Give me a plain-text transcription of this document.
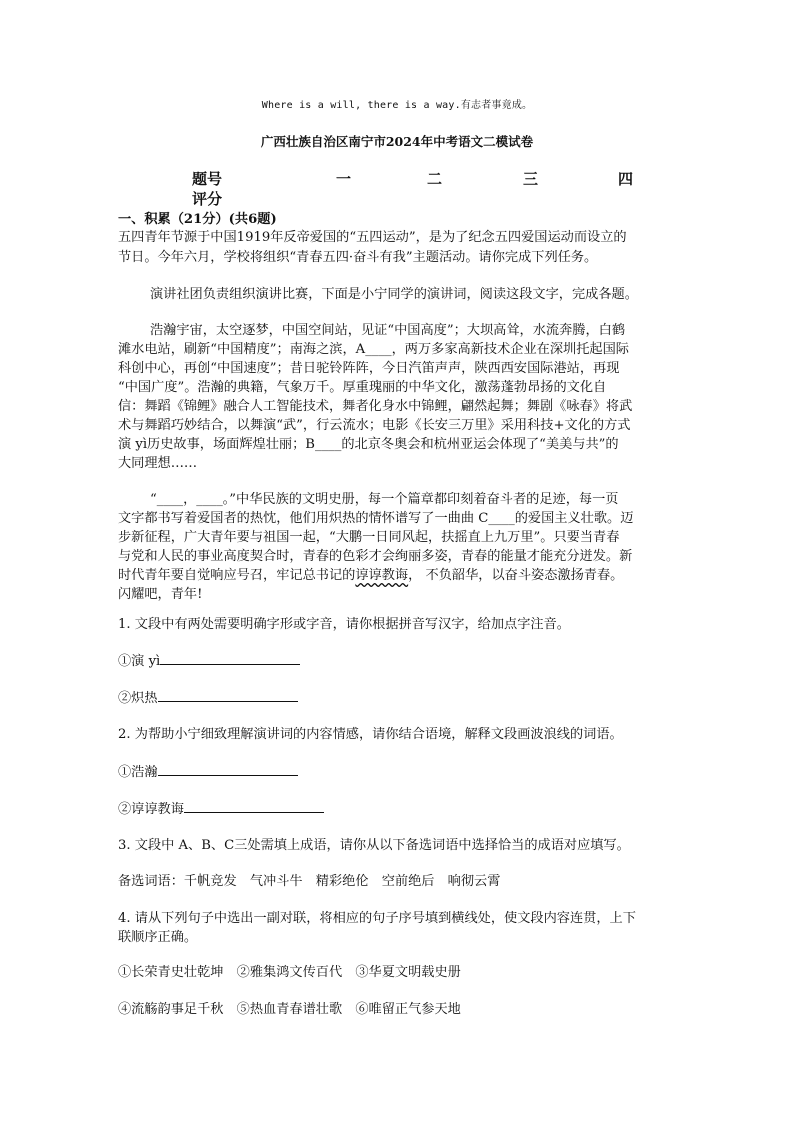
Where is a will, there is a way.有志者事竟成。
广西壮族自治区南宁市2024年中考语文二模试卷
题号	一	二	三	四
评分
一、积累（21分）(共6题)
五四青年节源于中国1919年反帝爱国的“五四运动”，是为了纪念五四爱国运动而设立的
节日。今年六月，学校将组织“青春五四·奋斗有我”主题活动。请你完成下列任务。
演讲社团负责组织演讲比赛，下面是小宁同学的演讲词，阅读这段文字，完成各题。
浩瀚宇宙，太空逐梦，中国空间站，见证“中国高度”；大坝高耸，水流奔腾，白鹤
滩水电站，刷新“中国精度”；南海之滨，A____，两万多家高新技术企业在深圳托起国际
科创中心，再创“中国速度”；昔日驼铃阵阵，今日汽笛声声，陕西西安国际港站，再现
“中国广度”。浩瀚的典籍，气象万千。厚重瑰丽的中华文化，激荡蓬勃昂扬的文化自
信：舞蹈《锦鲤》融合人工智能技术，舞者化身水中锦鲤，翩然起舞；舞剧《咏春》将武
术与舞蹈巧妙结合，以舞演“武”，行云流水；电影《长安三万里》采用科技+文化的方式
演 yì历史故事，场面辉煌壮丽；B____的北京冬奥会和杭州亚运会体现了“美美与共”的
大同理想……
“____，____。”中华民族的文明史册，每一个篇章都印刻着奋斗者的足迹，每一页
文字都书写着爱国者的热忱，他们用炽热的情怀谱写了一曲曲 C____的爱国主义壮歌。迈
步新征程，广大青年要与祖国一起，“大鹏一日同风起，扶摇直上九万里”。只要当青春
与党和人民的事业高度契合时，青春的色彩才会绚丽多姿，青春的能量才能充分迸发。新
时代青年要自觉响应号召，牢记总书记的谆谆教诲， 不负韶华，以奋斗姿态激扬青春。
闪耀吧，青年!
1. 文段中有两处需要明确字形或字音，请你根据拼音写汉字，给加点字注音。
①演 yì
②炽热
2. 为帮助小宁细致理解演讲词的内容情感，请你结合语境，解释文段画波浪线的词语。
①浩瀚
②谆谆教诲
3. 文段中 A、B、C三处需填上成语，请你从以下备选词语中选择恰当的成语对应填写。
备选词语：千帆竞发　气冲斗牛　精彩绝伦　空前绝后　响彻云霄
4. 请从下列句子中选出一副对联，将相应的句子序号填到横线处，使文段内容连贯，上下
联顺序正确。
①长荣青史壮乾坤　②雅集鸿文传百代　③华夏文明载史册
④流觞韵事足千秋　⑤热血青春谱壮歌　⑥唯留正气参天地
